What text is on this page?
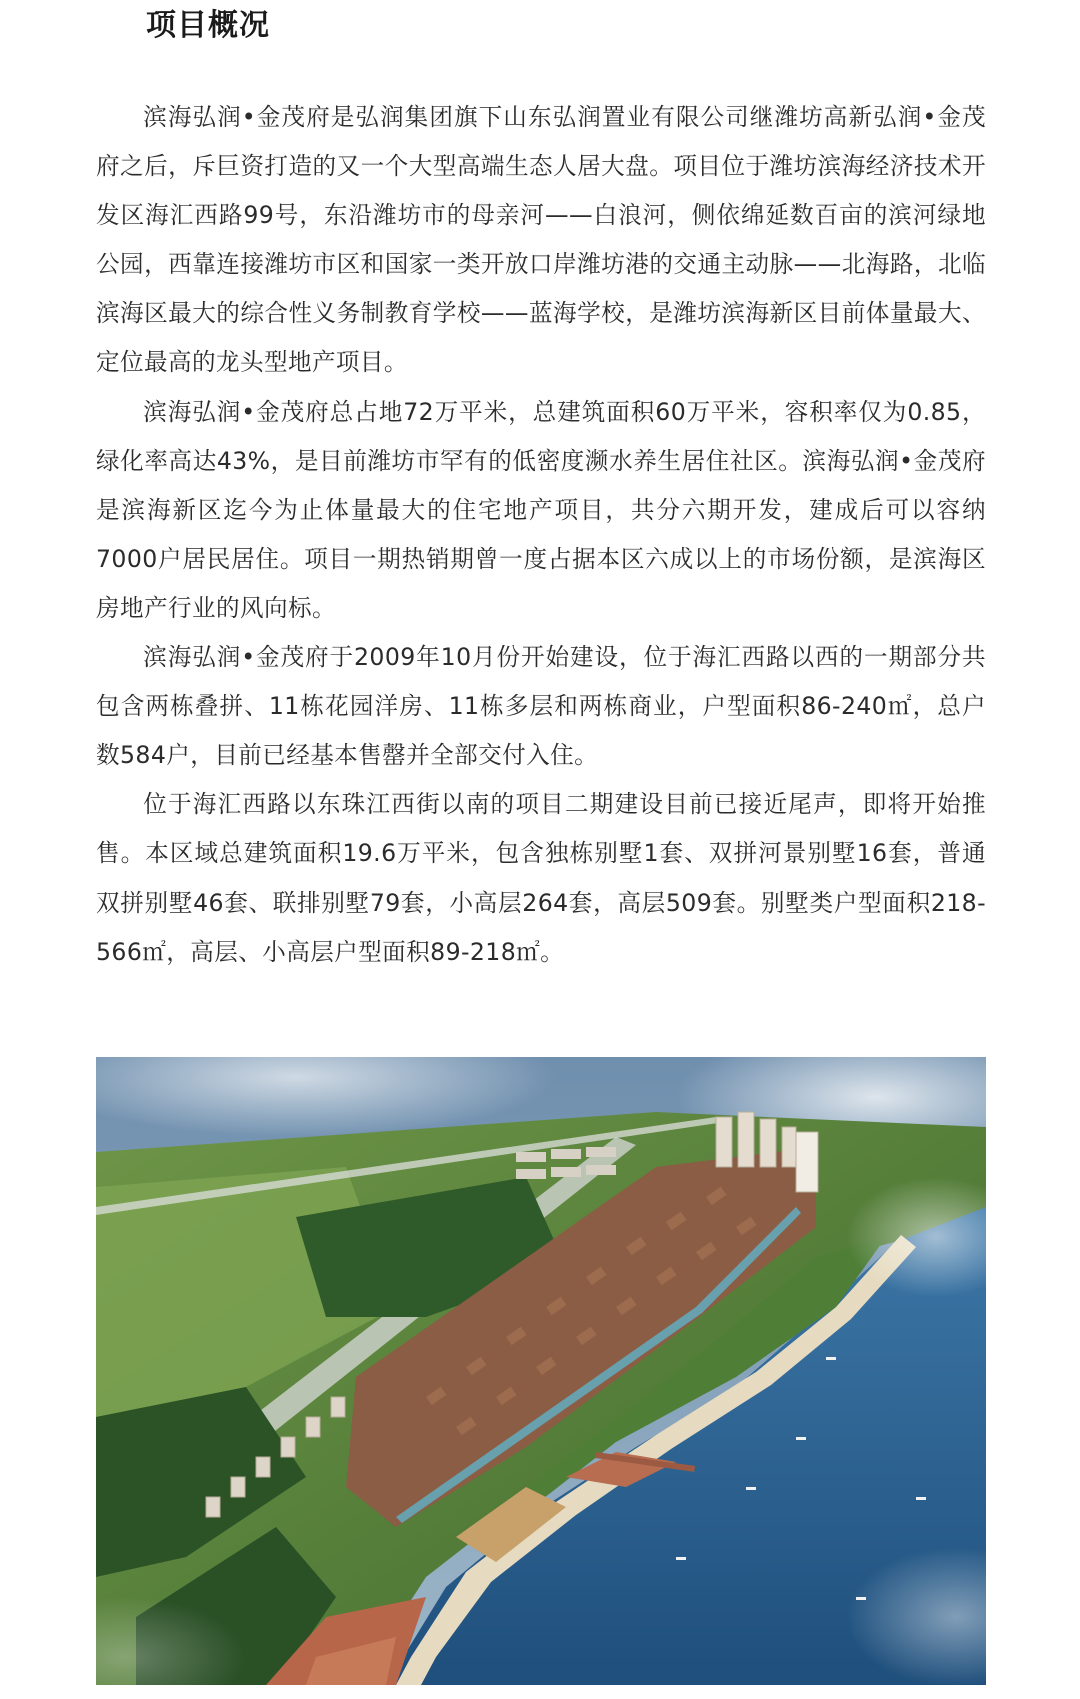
项目概况

滨海弘润•金茂府是弘润集团旗下山东弘润置业有限公司继潍坊高新弘润•金茂府之后，斥巨资打造的又一个大型高端生态人居大盘。项目位于潍坊滨海经济技术开发区海汇西路99号，东沿潍坊市的母亲河——白浪河，侧依绵延数百亩的滨河绿地公园，西靠连接潍坊市区和国家一类开放口岸潍坊港的交通主动脉——北海路，北临滨海区最大的综合性义务制教育学校——蓝海学校，是潍坊滨海新区目前体量最大、定位最高的龙头型地产项目。

滨海弘润•金茂府总占地72万平米，总建筑面积60万平米，容积率仅为0.85，绿化率高达43%，是目前潍坊市罕有的低密度濒水养生居住社区。滨海弘润•金茂府是滨海新区迄今为止体量最大的住宅地产项目，共分六期开发，建成后可以容纳7000户居民居住。项目一期热销期曾一度占据本区六成以上的市场份额，是滨海区房地产行业的风向标。

滨海弘润•金茂府于2009年10月份开始建设，位于海汇西路以西的一期部分共包含两栋叠拼、11栋花园洋房、11栋多层和两栋商业，户型面积86-240㎡，总户数584户，目前已经基本售罄并全部交付入住。

位于海汇西路以东珠江西街以南的项目二期建设目前已接近尾声，即将开始推售。本区域总建筑面积19.6万平米，包含独栋别墅1套、双拼河景别墅16套，普通双拼别墅46套、联排别墅79套，小高层264套，高层509套。别墅类户型面积218-566㎡，高层、小高层户型面积89-218㎡。
